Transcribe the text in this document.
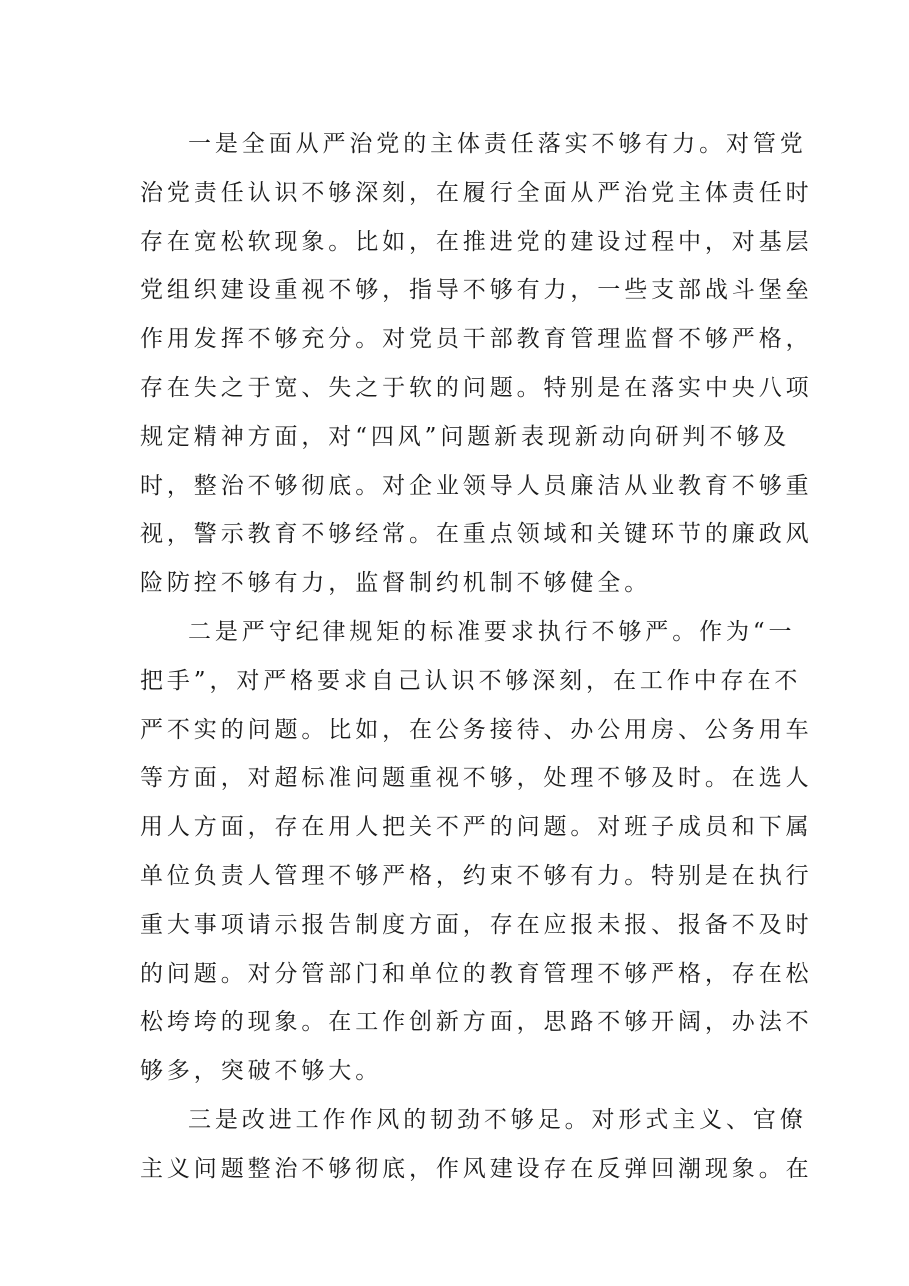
一是全面从严治党的主体责任落实不够有力。对管党
治党责任认识不够深刻，在履行全面从严治党主体责任时
存在宽松软现象。比如，在推进党的建设过程中，对基层
党组织建设重视不够，指导不够有力，一些支部战斗堡垒
作用发挥不够充分。对党员干部教育管理监督不够严格，
存在失之于宽、失之于软的问题。特别是在落实中央八项
规定精神方面，对“四风”问题新表现新动向研判不够及
时，整治不够彻底。对企业领导人员廉洁从业教育不够重
视，警示教育不够经常。在重点领域和关键环节的廉政风
险防控不够有力，监督制约机制不够健全。
二是严守纪律规矩的标准要求执行不够严。作为“一
把手”，对严格要求自己认识不够深刻，在工作中存在不
严不实的问题。比如，在公务接待、办公用房、公务用车
等方面，对超标准问题重视不够，处理不够及时。在选人
用人方面，存在用人把关不严的问题。对班子成员和下属
单位负责人管理不够严格，约束不够有力。特别是在执行
重大事项请示报告制度方面，存在应报未报、报备不及时
的问题。对分管部门和单位的教育管理不够严格，存在松
松垮垮的现象。在工作创新方面，思路不够开阔，办法不
够多，突破不够大。
三是改进工作作风的韧劲不够足。对形式主义、官僚
主义问题整治不够彻底，作风建设存在反弹回潮现象。在
